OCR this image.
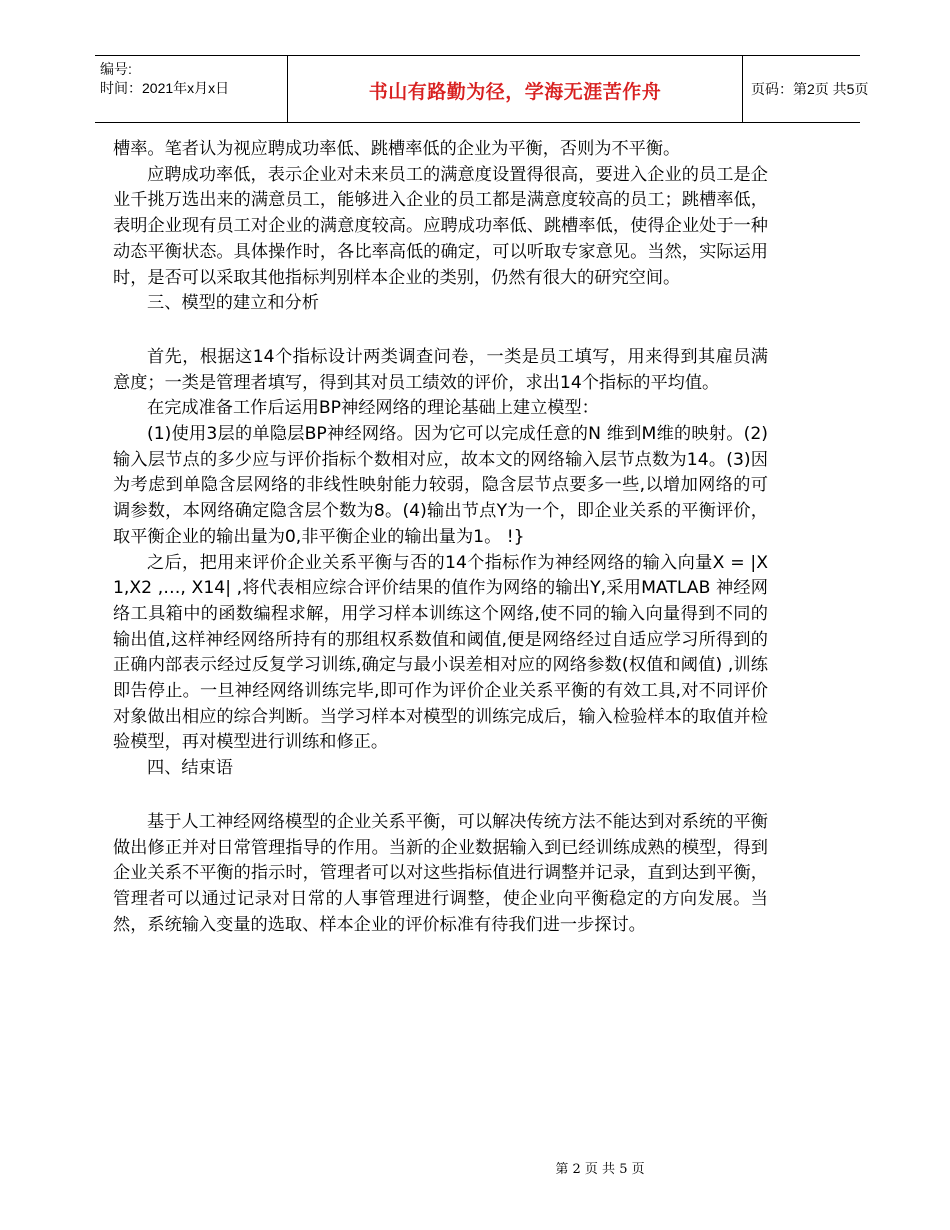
编号:
时间：2021年x月x日	书山有路勤为径，学海无涯苦作舟	页码：第2页 共5页

槽率。笔者认为视应聘成功率低、跳槽率低的企业为平衡，否则为不平衡。

应聘成功率低，表示企业对未来员工的满意度设置得很高，要进入企业的员工是企业千挑万选出来的满意员工，能够进入企业的员工都是满意度较高的员工；跳槽率低，表明企业现有员工对企业的满意度较高。应聘成功率低、跳槽率低，使得企业处于一种动态平衡状态。具体操作时，各比率高低的确定，可以听取专家意见。当然，实际运用时，是否可以采取其他指标判别样本企业的类别，仍然有很大的研究空间。

三、模型的建立和分析

首先，根据这14个指标设计两类调查问卷，一类是员工填写，用来得到其雇员满意度；一类是管理者填写，得到其对员工绩效的评价，求出14个指标的平均值。

在完成准备工作后运用BP神经网络的理论基础上建立模型：

(1)使用3层的单隐层BP神经网络。因为它可以完成任意的N 维到M维的映射。(2)输入层节点的多少应与评价指标个数相对应，故本文的网络输入层节点数为14。(3)因为考虑到单隐含层网络的非线性映射能力较弱，隐含层节点要多一些,以增加网络的可调参数，本网络确定隐含层个数为8。(4)输出节点Y为一个，即企业关系的平衡评价，取平衡企业的输出量为0,非平衡企业的输出量为1。 !}

之后，把用来评价企业关系平衡与否的14个指标作为神经网络的输入向量X = |X1,X2 ,…, X14| ,将代表相应综合评价结果的值作为网络的输出Y,采用MATLAB 神经网络工具箱中的函数编程求解，用学习样本训练这个网络,使不同的输入向量得到不同的输出值,这样神经网络所持有的那组权系数值和阈值,便是网络经过自适应学习所得到的正确内部表示经过反复学习训练,确定与最小误差相对应的网络参数(权值和阈值) ,训练即告停止。一旦神经网络训练完毕,即可作为评价企业关系平衡的有效工具,对不同评价对象做出相应的综合判断。当学习样本对模型的训练完成后，输入检验样本的取值并检验模型，再对模型进行训练和修正。

四、结束语

基于人工神经网络模型的企业关系平衡，可以解决传统方法不能达到对系统的平衡做出修正并对日常管理指导的作用。当新的企业数据输入到已经训练成熟的模型，得到企业关系不平衡的指示时，管理者可以对这些指标值进行调整并记录，直到达到平衡，管理者可以通过记录对日常的人事管理进行调整，使企业向平衡稳定的方向发展。当然，系统输入变量的选取、样本企业的评价标准有待我们进一步探讨。

第 2 页 共 5 页
